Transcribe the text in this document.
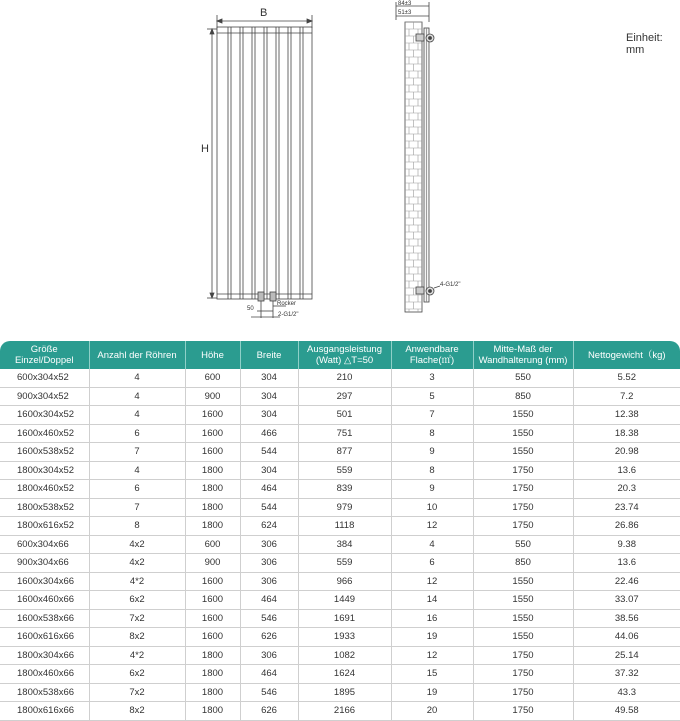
B
H
50
Rocker
2-G1/2"
84±3
51±3
4-G1/2"
Einheit: mm
Größe Einzel/Doppel	Anzahl der Röhren	Höhe	Breite	Ausgangsleistung (Watt) △T=50	Anwendbare Flache(㎡)	Mitte-Maß der Wandhalterung (mm)	Nettogewicht（kg)
600x304x52	4	600	304	210	3	550	5.52
900x304x52	4	900	304	297	5	850	7.2
1600x304x52	4	1600	304	501	7	1550	12.38
1600x460x52	6	1600	466	751	8	1550	18.38
1600x538x52	7	1600	544	877	9	1550	20.98
1800x304x52	4	1800	304	559	8	1750	13.6
1800x460x52	6	1800	464	839	9	1750	20.3
1800x538x52	7	1800	544	979	10	1750	23.74
1800x616x52	8	1800	624	1118	12	1750	26.86
600x304x66	4x2	600	306	384	4	550	9.38
900x304x66	4x2	900	306	559	6	850	13.6
1600x304x66	4*2	1600	306	966	12	1550	22.46
1600x460x66	6x2	1600	464	1449	14	1550	33.07
1600x538x66	7x2	1600	546	1691	16	1550	38.56
1600x616x66	8x2	1600	626	1933	19	1550	44.06
1800x304x66	4*2	1800	306	1082	12	1750	25.14
1800x460x66	6x2	1800	464	1624	15	1750	37.32
1800x538x66	7x2	1800	546	1895	19	1750	43.3
1800x616x66	8x2	1800	626	2166	20	1750	49.58
